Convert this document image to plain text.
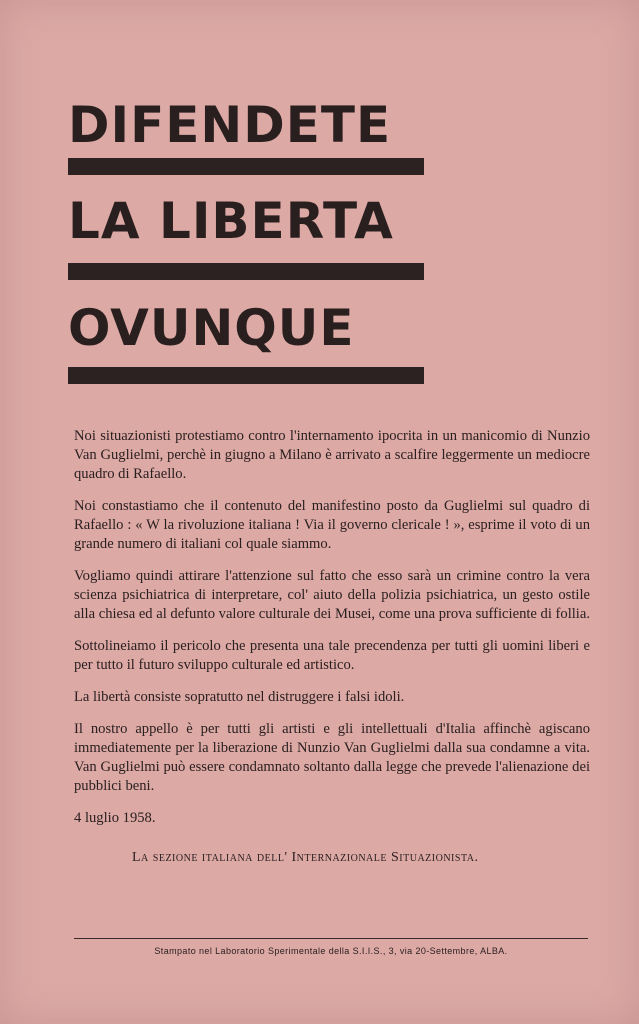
DIFENDETE
LA LIBERTA
OVUNQUE

Noi situazionisti protestiamo contro l'internamento ipocrita in un manicomio di Nunzio Van Guglielmi, perchè in giugno a Milano è arrivato a scalfire leggermente un mediocre quadro di Rafaello.

Noi constastiamo che il contenuto del manifestino posto da Guglielmi sul quadro di Rafaello : « W la rivoluzione italiana ! Via il governo clericale ! », esprime il voto di un grande numero di italiani col quale siammo.

Vogliamo quindi attirare l'attenzione sul fatto che esso sarà un crimine contro la vera scienza psichiatrica di interpretare, col' aiuto della polizia psichiatrica, un gesto ostile alla chiesa ed al defunto valore culturale dei Musei, come una prova sufficiente di follia.

Sottolineiamo il pericolo che presenta una tale precendenza per tutti gli uomini liberi e per tutto il futuro sviluppo culturale ed artistico.

La libertà consiste sopratutto nel distruggere i falsi idoli.

Il nostro appello è per tutti gli artisti e gli intellettuali d'Italia affinchè agiscano immediatemente per la liberazione di Nunzio Van Guglielmi dalla sua condamne a vita. Van Guglielmi può essere condamnato soltanto dalla legge che prevede l'alienazione dei pubblici beni.

4 luglio 1958.

La sezione italiana dell' Internazionale Situazionista.
Stampato nel Laboratorio Sperimentale della S.I.I.S., 3, via 20-Settembre, ALBA.
